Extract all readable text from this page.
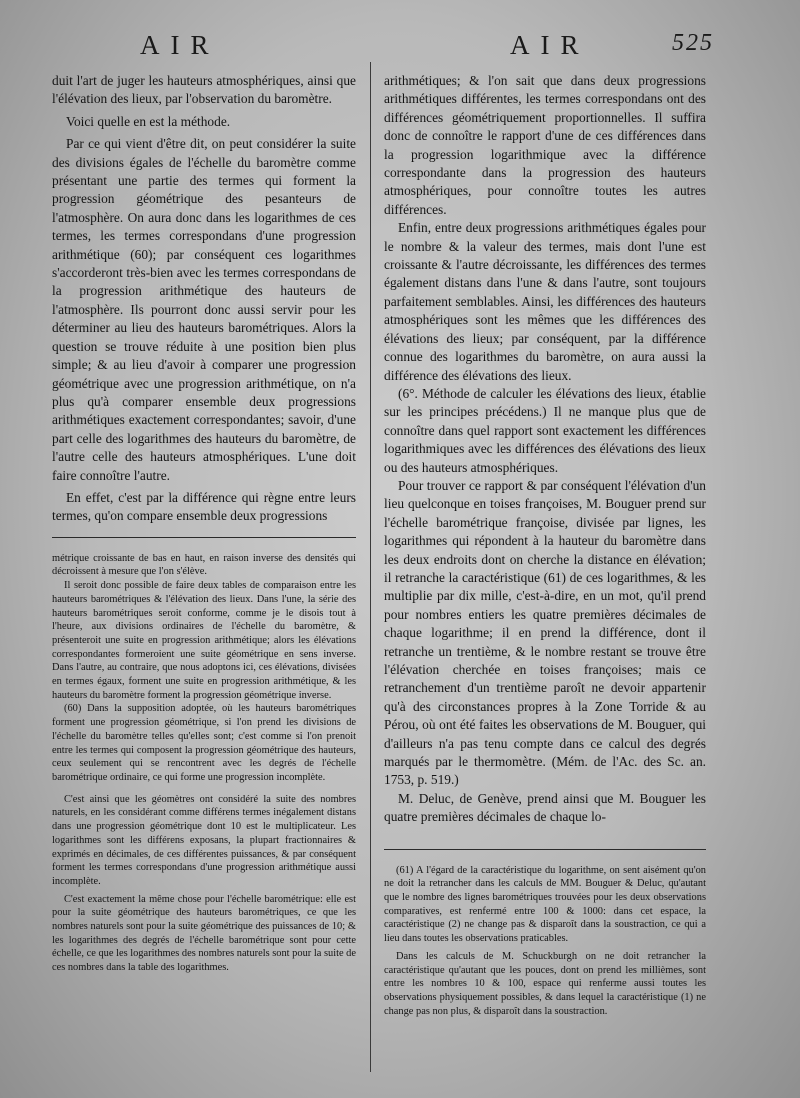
AIR	AIR	525

duit l'art de juger les hauteurs atmosphériques, ainsi que l'élévation des lieux, par l'observation du baromètre.

Voici quelle en est la méthode.

Par ce qui vient d'être dit, on peut considérer la suite des divisions égales de l'échelle du baromètre comme présentant une partie des termes qui forment la progression géométrique des pesanteurs de l'atmosphère. On aura donc dans les logarithmes de ces termes, les termes correspondans d'une progression arithmétique (60); par conséquent ces logarithmes s'accorderont très-bien avec les termes correspondans de la progression arithmétique des hauteurs de l'atmosphère. Ils pourront donc aussi servir pour les déterminer au lieu des hauteurs barométriques. Alors la question se trouve réduite à une position bien plus simple; & au lieu d'avoir à comparer une progression géométrique avec une progression arithmétique, on n'a plus qu'à comparer ensemble deux progressions arithmétiques exactement correspondantes; savoir, d'une part celle des logarithmes des hauteurs du baromètre, de l'autre celle des hauteurs atmosphériques. L'une doit faire connoître l'autre.

En effet, c'est par la différence qui règne entre leurs termes, qu'on compare ensemble deux progressions

métrique croissante de bas en haut, en raison inverse des densités qui décroissent à mesure que l'on s'élève.

Il seroit donc possible de faire deux tables de comparaison entre les hauteurs barométriques & l'élévation des lieux. Dans l'une, la série des hauteurs barométriques seroit conforme, comme je le disois tout à l'heure, aux divisions ordinaires de l'échelle du baromètre, & présenteroit une suite en progression arithmétique; alors les élévations correspondantes formeroient une suite géométrique en sens inverse. Dans l'autre, au contraire, que nous adoptons ici, ces élévations, divisées en termes égaux, forment une suite en progression arithmétique, & les hauteurs du baromètre forment la progression géométrique inverse.

(60) Dans la supposition adoptée, où les hauteurs barométriques forment une progression géométrique, si l'on prend les divisions de l'échelle du baromètre telles qu'elles sont; c'est comme si l'on prenoit entre les termes qui composent la progression géométrique des hauteurs, ceux seulement qui se rencontrent avec les degrés de l'échelle barométrique ordinaire, ce qui forme une progression incomplète.

C'est ainsi que les géomètres ont considéré la suite des nombres naturels, en les considérant comme différens termes inégalement distans dans une progression géométrique dont 10 est le multiplicateur. Les logarithmes sont les différens exposans, la plupart fractionnaires & exprimés en décimales, de ces différentes puissances, & par conséquent forment les termes correspondans d'une progression arithmétique aussi incomplète.

C'est exactement la même chose pour l'échelle barométrique: elle est pour la suite géométrique des hauteurs barométriques, ce que les nombres naturels sont pour la suite géométrique des puissances de 10; & les logarithmes des degrés de l'échelle barométrique sont pour cette échelle, ce que les logarithmes des nombres naturels sont pour la suite de ces nombres dans la table des logarithmes.

arithmétiques; & l'on sait que dans deux progressions arithmétiques différentes, les termes correspondans ont des différences géométriquement proportionnelles. Il suffira donc de connoître le rapport d'une de ces différences dans la progression logarithmique avec la différence correspondante dans la progression des hauteurs atmosphériques, pour connoître toutes les autres différences.

Enfin, entre deux progressions arithmétiques égales pour le nombre & la valeur des termes, mais dont l'une est croissante & l'autre décroissante, les différences des termes également distans dans l'une & dans l'autre, sont toujours parfaitement semblables. Ainsi, les différences des hauteurs atmosphériques sont les mêmes que les différences des élévations des lieux; par conséquent, par la différence connue des logarithmes du baromètre, on aura aussi la différence des élévations des lieux.

(6°. Méthode de calculer les élévations des lieux, établie sur les principes précédens.) Il ne manque plus que de connoître dans quel rapport sont exactement les différences logarithmiques avec les différences des élévations des lieux ou des hauteurs atmosphériques.

Pour trouver ce rapport & par conséquent l'élévation d'un lieu quelconque en toises françoises, M. Bouguer prend sur l'échelle barométrique françoise, divisée par lignes, les logarithmes qui répondent à la hauteur du baromètre dans les deux endroits dont on cherche la distance en élévation; il retranche la caractéristique (61) de ces logarithmes, & les multiplie par dix mille, c'est-à-dire, en un mot, qu'il prend pour nombres entiers les quatre premières décimales de chaque logarithme; il en prend la différence, dont il retranche un trentième, & le nombre restant se trouve être l'élévation cherchée en toises françoises; mais ce retranchement d'un trentième paroît ne devoir appartenir qu'à des circonstances propres à la Zone Torride & au Pérou, où ont été faites les observations de M. Bouguer, qui d'ailleurs n'a pas tenu compte dans ce calcul des degrés marqués par le thermomètre. (Mém. de l'Ac. des Sc. an. 1753, p. 519.)

M. Deluc, de Genève, prend ainsi que M. Bouguer les quatre premières décimales de chaque lo-

(61) A l'égard de la caractéristique du logarithme, on sent aisément qu'on ne doit la retrancher dans les calculs de MM. Bouguer & Deluc, qu'autant que le nombre des lignes barométriques trouvées pour les deux observations comparatives, est renfermé entre 100 & 1000: dans cet espace, la caractéristique (2) ne change pas & disparoît dans la soustraction, ce qui a lieu dans toutes les observations praticables.

Dans les calculs de M. Schuckburgh on ne doit retrancher la caractéristique qu'autant que les pouces, dont on prend les millièmes, sont entre les nombres 10 & 100, espace qui renferme aussi toutes les observations physiquement possibles, & dans lequel la caractéristique (1) ne change pas non plus, & disparoît dans la soustraction.
